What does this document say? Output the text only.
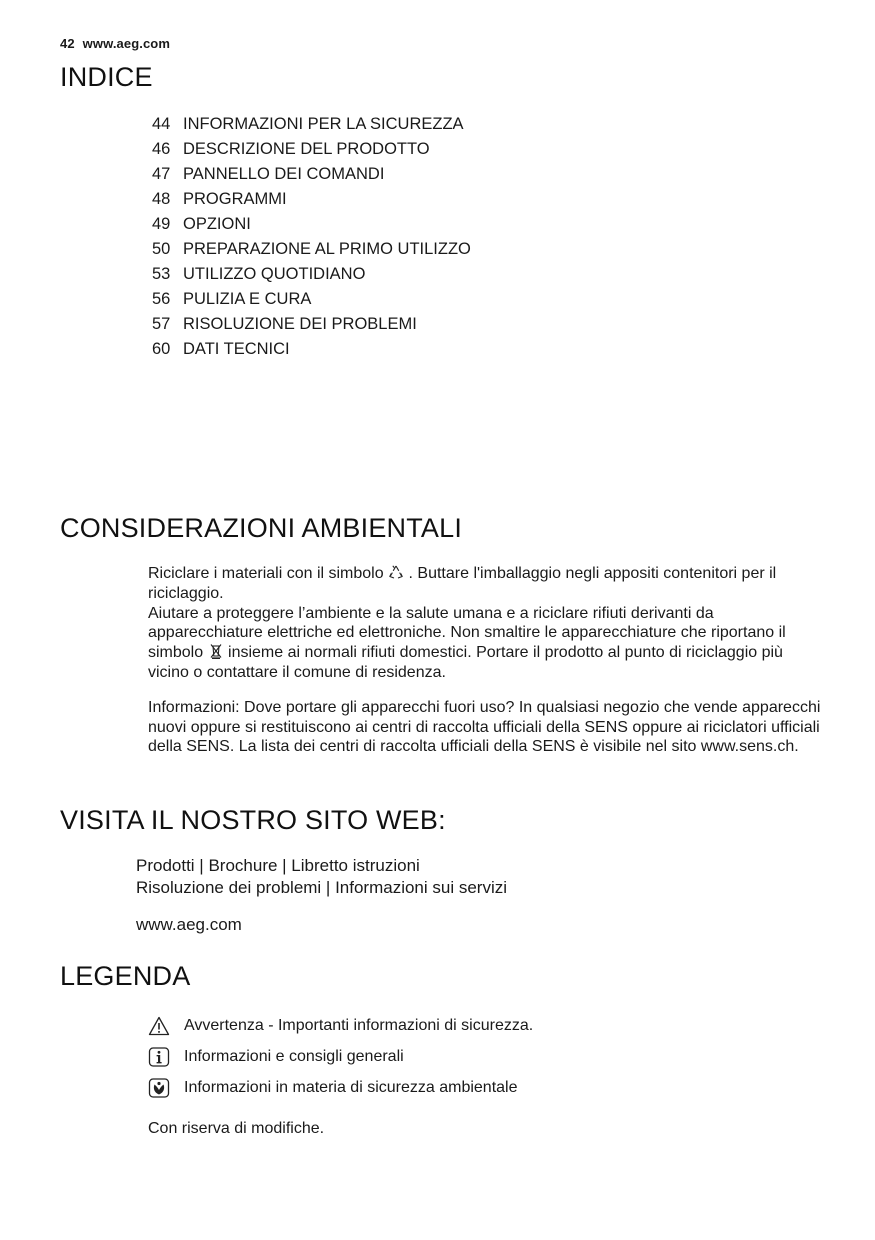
42 www.aeg.com
INDICE
44 INFORMAZIONI PER LA SICUREZZA
46 DESCRIZIONE DEL PRODOTTO
47 PANNELLO DEI COMANDI
48 PROGRAMMI
49 OPZIONI
50 PREPARAZIONE AL PRIMO UTILIZZO
53 UTILIZZO QUOTIDIANO
56 PULIZIA E CURA
57 RISOLUZIONE DEI PROBLEMI
60 DATI TECNICI
CONSIDERAZIONI AMBIENTALI

Riciclare i materiali con il simbolo  . Buttare l'imballaggio negli appositi contenitori per il riciclaggio.
Aiutare a proteggere l’ambiente e la salute umana e a riciclare rifiuti derivanti da apparecchiature elettriche ed elettroniche. Non smaltire le apparecchiature che riportano il simbolo  insieme ai normali rifiuti domestici. Portare il prodotto al punto di riciclaggio più vicino o contattare il comune di residenza.

Informazioni: Dove portare gli apparecchi fuori uso? In qualsiasi negozio che vende apparecchi nuovi oppure si restituiscono ai centri di raccolta ufficiali della SENS oppure ai riciclatori ufficiali della SENS. La lista dei centri di raccolta ufficiali della SENS è visibile nel sito www.sens.ch.

VISITA IL NOSTRO SITO WEB:
Prodotti | Brochure | Libretto istruzioni
Risoluzione dei problemi | Informazioni sui servizi
www.aeg.com
LEGENDA
Avvertenza - Importanti informazioni di sicurezza.
Informazioni e consigli generali
Informazioni in materia di sicurezza ambientale
Con riserva di modifiche.
